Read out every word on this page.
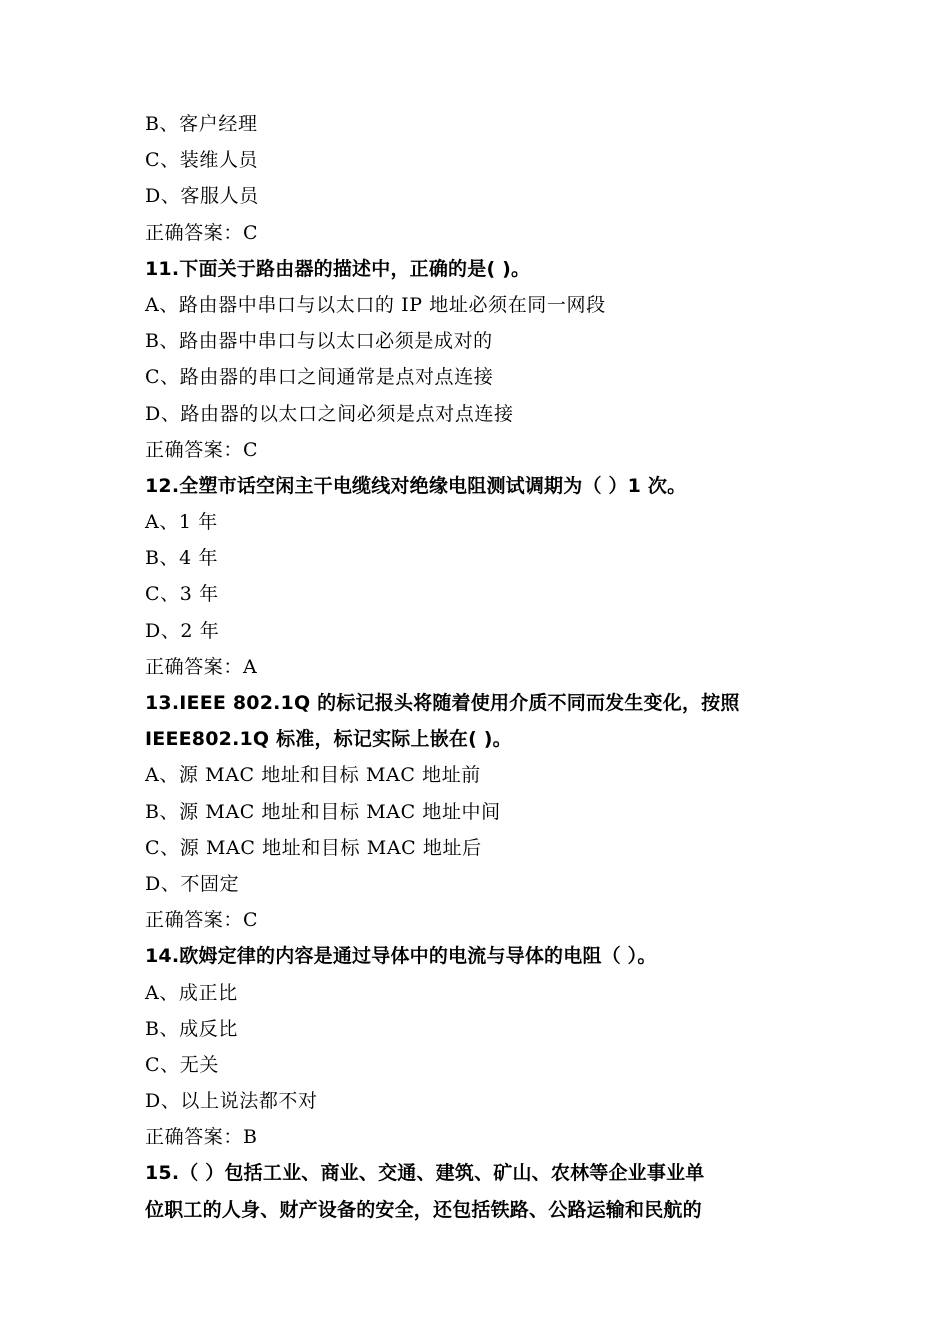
B、客户经理
C、装维人员
D、客服人员
正确答案：C
11.下面关于路由器的描述中，正确的是( )。
A、路由器中串口与以太口的 IP 地址必须在同一网段
B、路由器中串口与以太口必须是成对的
C、路由器的串口之间通常是点对点连接
D、路由器的以太口之间必须是点对点连接
正确答案：C
12.全塑市话空闲主干电缆线对绝缘电阻测试调期为（ ）1 次。
A、1 年
B、4 年
C、3 年
D、2 年
正确答案：A
13.IEEE 802.1Q 的标记报头将随着使用介质不同而发生变化，按照
IEEE802.1Q 标准，标记实际上嵌在( )。
A、源 MAC 地址和目标 MAC 地址前
B、源 MAC 地址和目标 MAC 地址中间
C、源 MAC 地址和目标 MAC 地址后
D、不固定
正确答案：C
14.欧姆定律的内容是通过导体中的电流与导体的电阻（ ）。
A、成正比
B、成反比
C、无关
D、以上说法都不对
正确答案：B
15.（ ）包括工业、商业、交通、建筑、矿山、农林等企业事业单
位职工的人身、财产设备的安全，还包括铁路、公路运输和民航的
